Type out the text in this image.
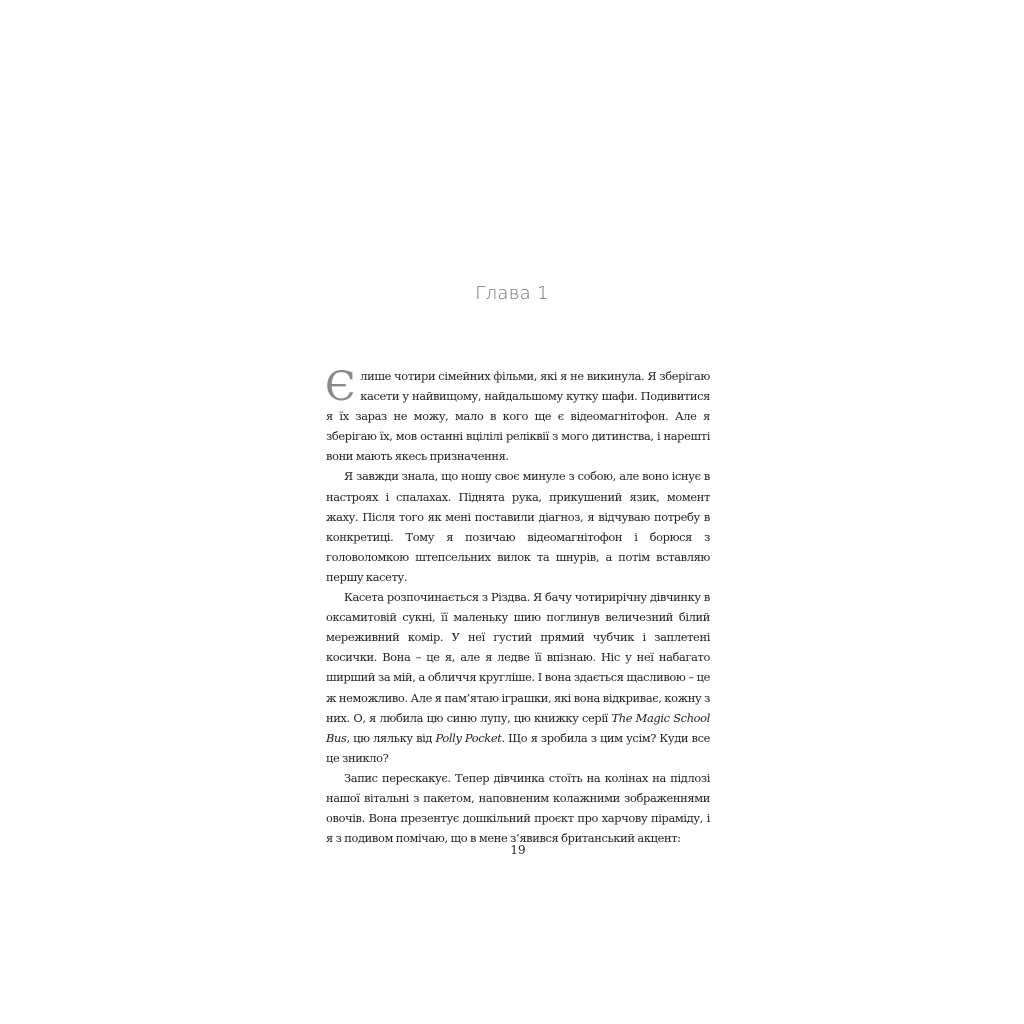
Глава 1

Єлише чотири сімейних фільми, які я не викинула. Я зберігаю касети у найвищому, найдальшому кутку шафи. Подивитися я їх зараз не можу, мало в кого ще є відеомагнітофон. Але я зберігаю їх, мов останні вцілілі реліквії з мого дитинства, і нарешті вони мають якесь призначення.

Я завжди знала, що ношу своє минуле з собою, але воно існує в настроях і спалахах. Піднята рука, прикушений язик, момент жаху. Після того як мені поставили діагноз, я відчуваю потребу в конкретиці. Тому я позичаю відеомагнітофон і борюся з головоломкою штепсельних вилок та шнурів, а потім вставляю першу касету.

Касета розпочинається з Різдва. Я бачу чотирирічну дівчинку в оксамитовій сукні, її маленьку шию поглинув величезний білий мереживний комір. У неї густий прямий чубчик і заплетені косички. Вона – це я, але я ледве її впізнаю. Ніс у неї набагато ширший за мій, а обличчя кругліше. І вона здається щасливою – це ж неможливо. Але я пам’ятаю іграшки, які вона відкриває, кожну з них. О, я любила цю синю лупу, цю книжку серії The Magic School Bus, цю ляльку від Polly Pocket. Що я зробила з цим усім? Куди все це зникло?

Запис перескакує. Тепер дівчинка стоїть на колінах на підлозі нашої вітальні з пакетом, наповненим колажними зображеннями овочів. Вона презентує дошкільний проєкт про харчову піраміду, і я з подивом помічаю, що в мене з’явився британський акцент:

19
